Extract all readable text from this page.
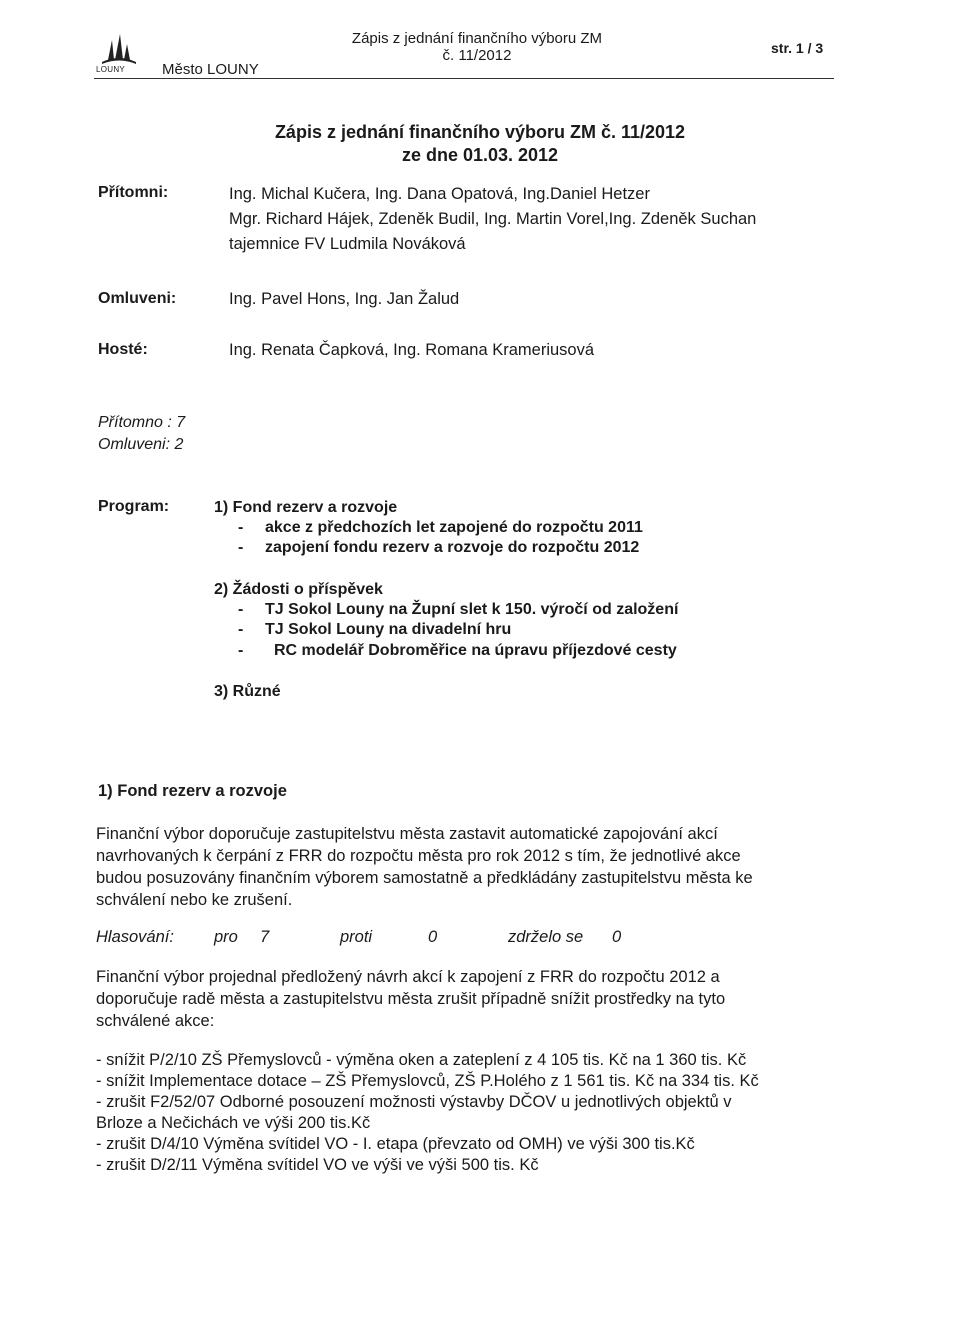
LOUNY Město LOUNY
Zápis z jednání finančního výboru ZM
č. 11/2012	str. 1 / 3
Zápis z jednání finančního výboru ZM č. 11/2012
ze dne 01.03. 2012
Přítomni:	Ing. Michal Kučera, Ing. Dana Opatová, Ing.Daniel Hetzer
Mgr. Richard Hájek, Zdeněk Budil, Ing. Martin Vorel,Ing. Zdeněk Suchan
tajemnice FV Ludmila Nováková
Omluveni:	Ing. Pavel Hons, Ing. Jan Žalud
Hosté:	Ing. Renata Čapková, Ing. Romana Krameriusová
Přítomno : 7
Omluveni: 2
Program:	1) Fond rezerv a rozvoje
- akce z předchozích let zapojené do rozpočtu 2011
- zapojení fondu rezerv a rozvoje do rozpočtu 2012
2) Žádosti o příspěvek
- TJ Sokol Louny na Župní slet k 150. výročí od založení
- TJ Sokol Louny na divadelní hru
- RC modelář Dobroměřice na úpravu příjezdové cesty
3) Různé
1) Fond rezerv a rozvoje
Finanční výbor doporučuje zastupitelstvu města zastavit automatické zapojování akcí
navrhovaných k čerpání z FRR do rozpočtu města pro rok 2012 s tím, že jednotlivé akce
budou posuzovány finančním výborem samostatně a předkládány zastupitelstvu města ke
schválení nebo ke zrušení.
Hlasování: pro 7	proti	0	zdrželo se 0
Finanční výbor projednal předložený návrh akcí k zapojení z FRR do rozpočtu 2012 a
doporučuje radě města a zastupitelstvu města zrušit případně snížit prostředky na tyto
schválené akce:
- snížit P/2/10 ZŠ Přemyslovců - výměna oken a zateplení z 4 105 tis. Kč na 1 360 tis. Kč
- snížit Implementace dotace – ZŠ Přemyslovců, ZŠ P.Holého z 1 561 tis. Kč na 334 tis. Kč
- zrušit F2/52/07 Odborné posouzení možnosti výstavby DČOV u jednotlivých objektů v
Brloze a Nečichách ve výši 200 tis.Kč
- zrušit D/4/10 Výměna svítidel VO - I. etapa (převzato od OMH) ve výši 300 tis.Kč
- zrušit D/2/11 Výměna svítidel VO ve výši ve výši 500 tis. Kč
